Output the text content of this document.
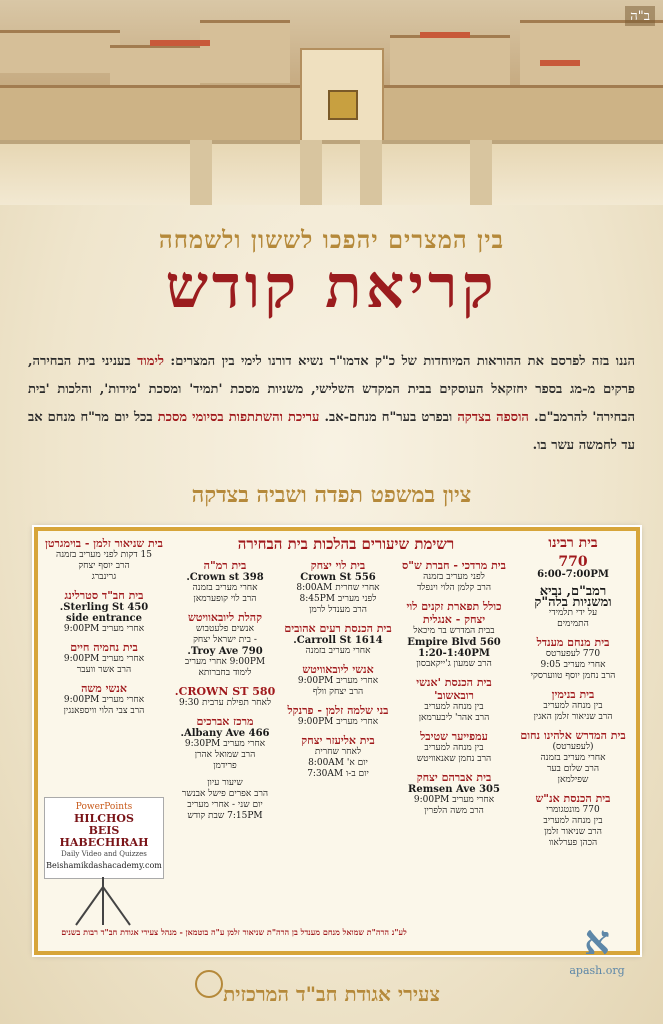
ב"ה
בין המצרים יהפכו לששון ולשמחה
קריאת קודש
הננו בזה לפרסם את ההוראות המיוחדות של כ"ק אדמו"ר נשיא דורנו לימי בין המצרים: לימוד בעניני בית הבחירה, פרקים מ-מג בספר יחזקאל העוסקים בבית המקדש השלישי, משניות מסכת 'תמיד' ומסכת 'מידות', והלכות 'בית הבחירה' להרמב"ם. הוספה בצדקה ובפרט בער"ח מנחם-אב. עריכת והשתתפות בסיומי מסכת בכל יום מר"ח מנחם אב עד לחמשה עשר בו.
ציון במשפט תפדה ושביה בצדקה
רשימת שיעורים בהלכות בית הבחירה	בית רבינו
770
6:00-7:00PM
רמב"ם, נביא
ומשניות בלה"ק
על ידי תלמידי
התמימים
בית מנחם מענדל
770 לעפערטס
אחרי מעריב 9:05
הרב נחמן יוסף טווערסקי
בית בנימין
בין מנחה למעריב
הרב שניאור זלמן האגין
בית המדרש אלהינו נחום
(לעפערטס)
אחרי מעריב בזמנה
הרב שלום בער
שפילמאן
בית הכנסת אנ"ש
770 מונטגומרי
בין מנחה למעריב
הרב שניאור זלמן
הכהן פערלאוו
בית מרדכי - חברת ש"ס
לפני מעריב בזמנה
הרב קלמן הלוי וינפלד
כולל תפארת זקנים לוי יצחק - אנגלית
בבית המדרש בר מיכאל
560 Empire Blvd
1:20-1:40PM
הרב שמעון ג'ייקאבסון
בית הכנסת 'אנשי רובאשוב'
בין מנחה למעריב
הרב אהר' ליבערמאן
עמפייער שטיבל
בין מנחה למעריב
הרב נחמן שאנאוויטש
בית אברהם יצחק
305 Remsen Ave
אחרי מעריב 9:00PM
הרב משה הלפרין
בית לוי יצחק
556 Crown St
אחרי שחרית 8:00AM
לפני מעריב 8:45PM
הרב מענדל לרמן
בית הכנסת רעים אהובים
1614 Carroll St.
אחרי מעריב בזמנה
אנשי ליובאוויטש
אחרי מעריב 9:00PM
הרב יצחק וולף
בני שלמה זלמן - פרנקל
אחרי מעריב 9:00PM
בית אליעזר יצחק
לאחר שחרית
יום א' 8:00AM
יום ב-ו 7:30AM
בית רמ"ה
398 Crown st.
אחרי מעריב בזמנה
הרב לוי קופערמאן
קהלת ליובאוויטש
אנשים פלעטבוש
- בית ישראל יצחק
790 Troy Ave.
9:00PM אחרי מעריב
לימוד בחברותא
580 CROWN ST.
לאחר תפילת ערבית 9:30
מרכז אברכים
466 Albany Ave.
אחרי מעריב 9:30PM
הרב שמואל אהרן
פרידמן
שיעור עיון
הרב אפרים פישל אבנשר
יום שני - אחרי מעריב
7:15PM שבת קודש
בית שניאור זלמן - בוימגרטן
15 דקות לפני מעריב בזמנה
הרב יוסף יצחק
גרינברג
בית חב"ד סטרלינג
450 Sterling St.
side entrance
אחרי מעריב 9:00PM
בית נחמיה חיים
אחרי מעריב 9:00PM
הרב אשר וועבר
אנשי משה
אחרי מעריב 9:00PM
הרב צבי הלוי וויספאנגין
PowerPoints
HILCHOS
BEIS HABECHIRAH
Daily Video and Quizzes
Beishamikdashacademy.com
לע"נ הרה"ת שמואל מנחם מענדל בן הרה"ת שניאור זלמן ע"ה בוטמאן - מנהל צעירי אגודת חב"ד רבות בשנים
צעירי אגודת חב"ד המרכזית
א
apash.org
